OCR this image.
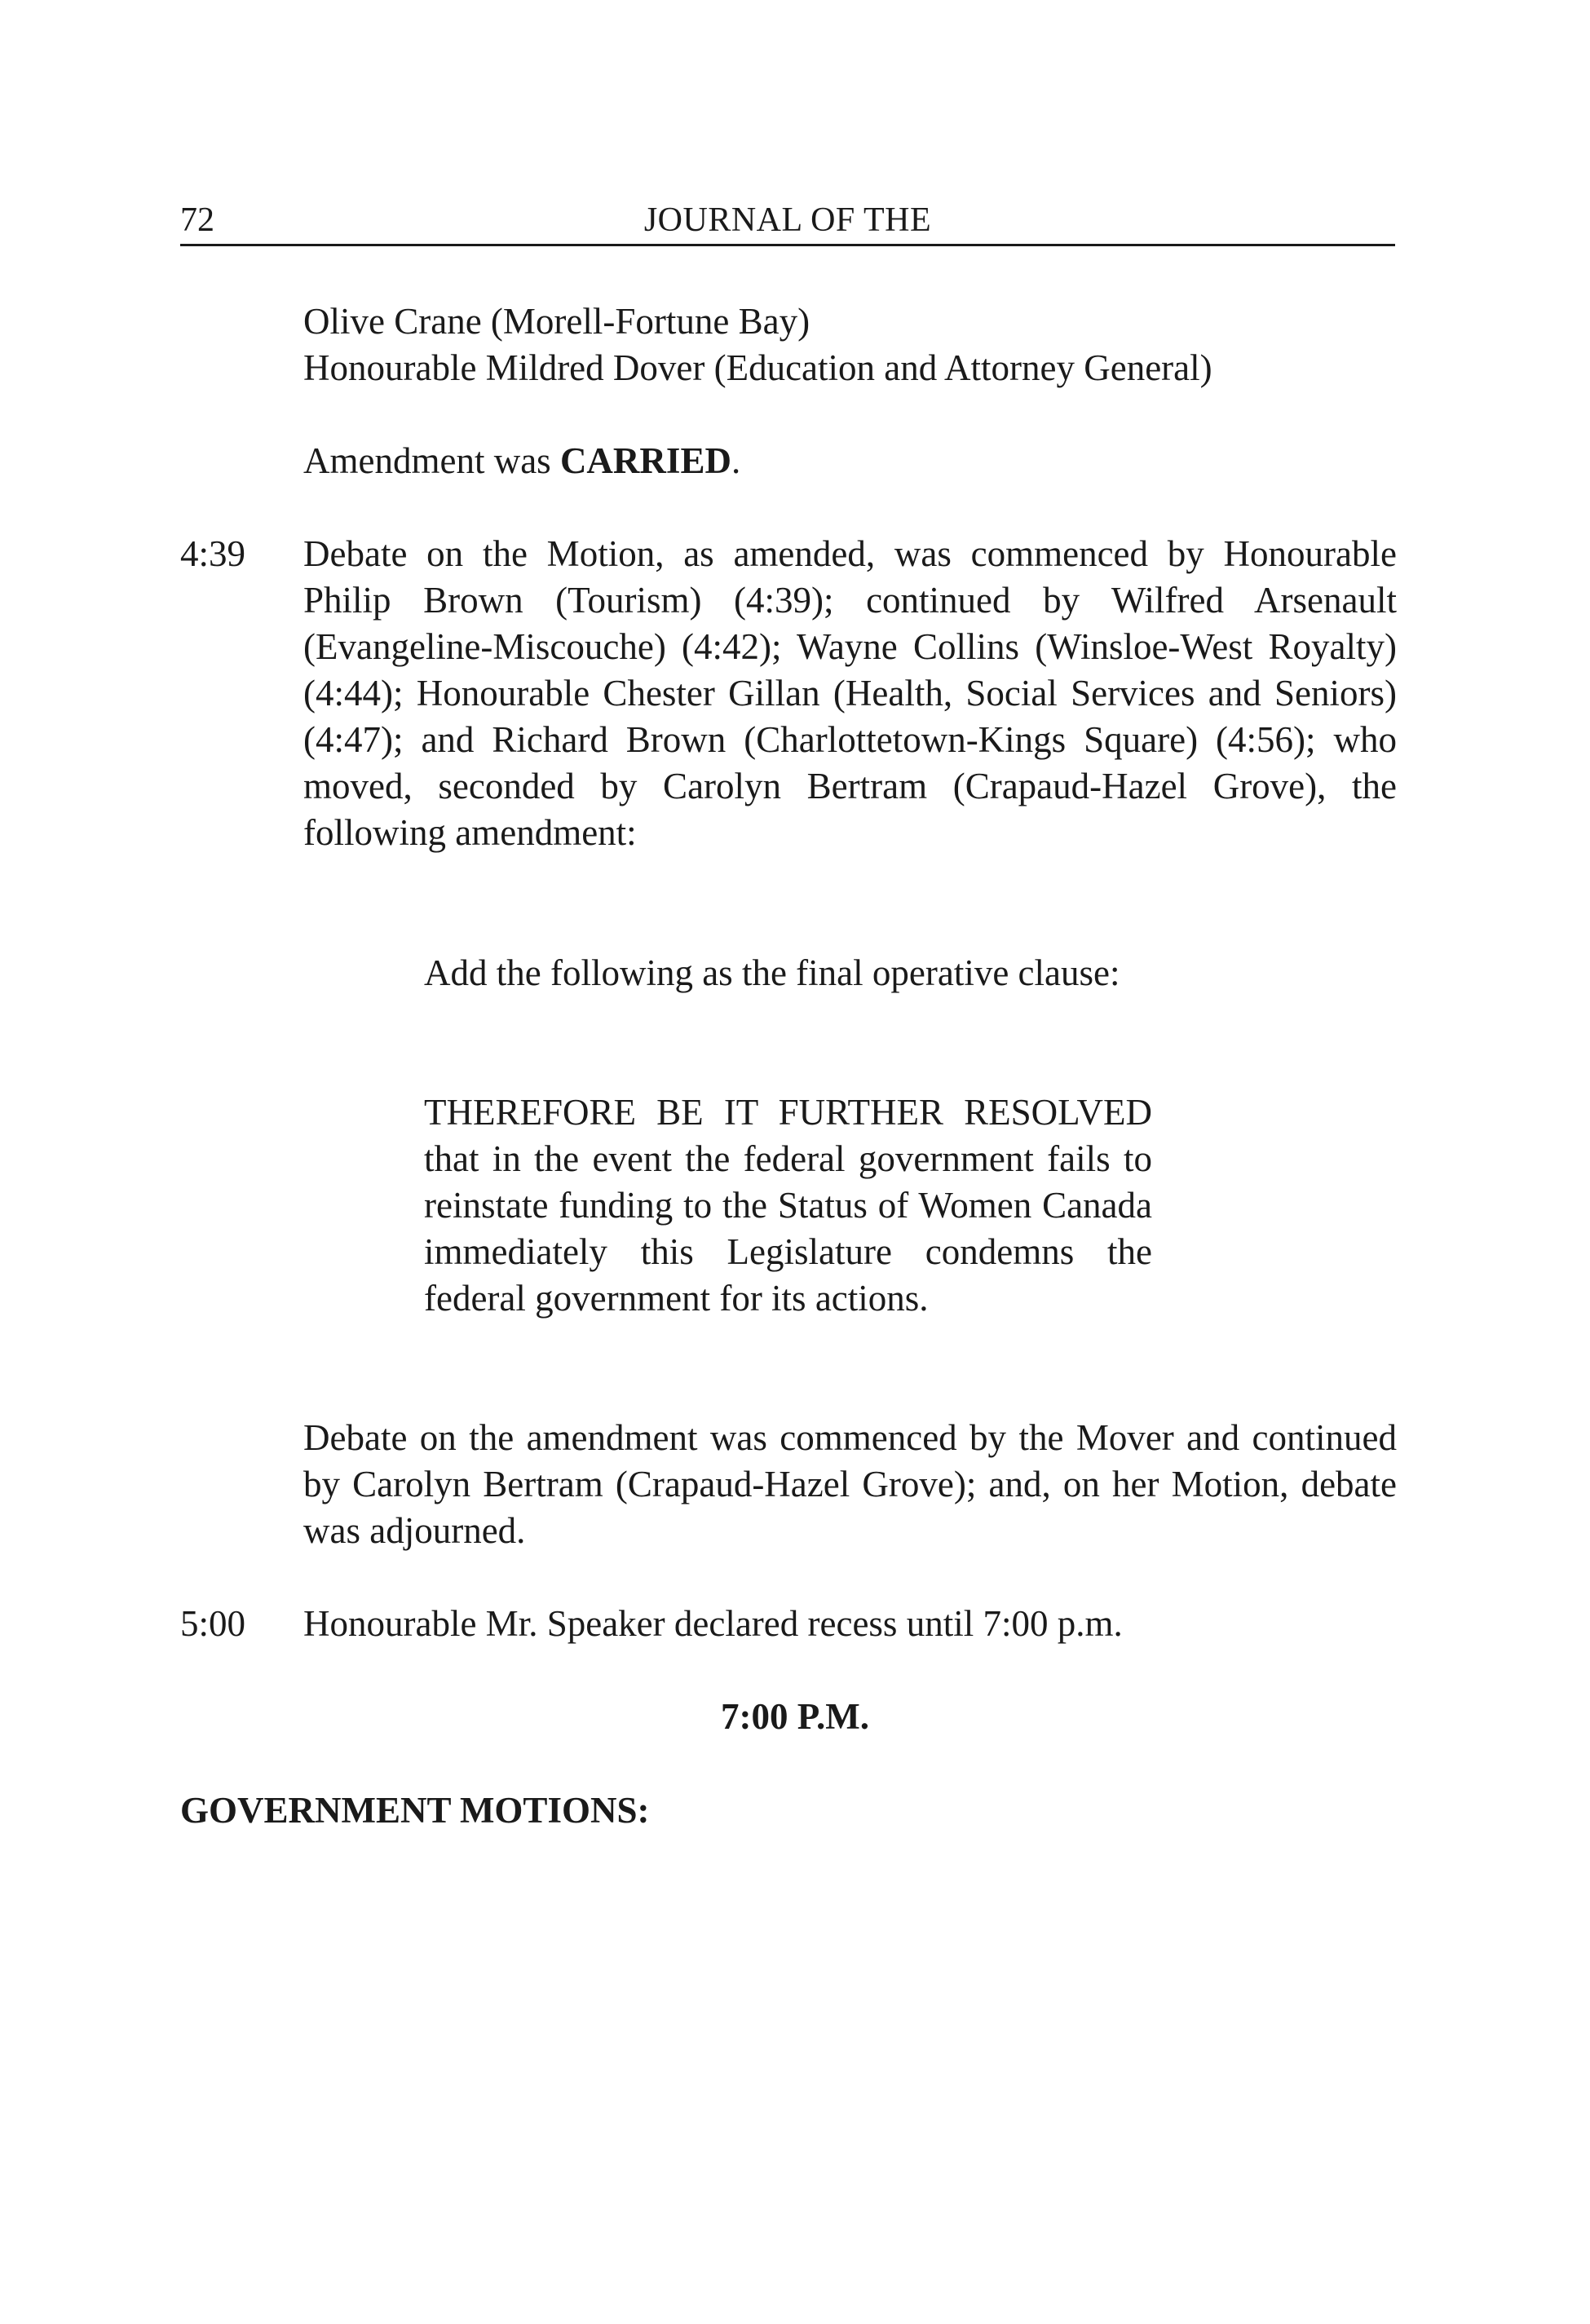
72	JOURNAL OF THE
Olive Crane (Morell-Fortune Bay)
Honourable Mildred Dover (Education and Attorney General)
Amendment was CARRIED.
4:39 Debate on the Motion, as amended, was commenced by Honourable Philip Brown (Tourism) (4:39); continued by Wilfred Arsenault (Evangeline-Miscouche) (4:42); Wayne Collins (Winsloe-West Royalty) (4:44); Honourable Chester Gillan (Health, Social Services and Seniors) (4:47); and Richard Brown (Charlottetown-Kings Square) (4:56); who moved, seconded by Carolyn Bertram (Crapaud-Hazel Grove), the following amendment:

Add the following as the final operative clause:

THEREFORE BE IT FURTHER RESOLVED that in the event the federal government fails to reinstate funding to the Status of Women Canada immediately this Legislature condemns the federal government for its actions.

Debate on the amendment was commenced by the Mover and continued by Carolyn Bertram (Crapaud-Hazel Grove); and, on her Motion, debate was adjourned.

5:00 Honourable Mr. Speaker declared recess until 7:00 p.m.
7:00 P.M.
GOVERNMENT MOTIONS:
